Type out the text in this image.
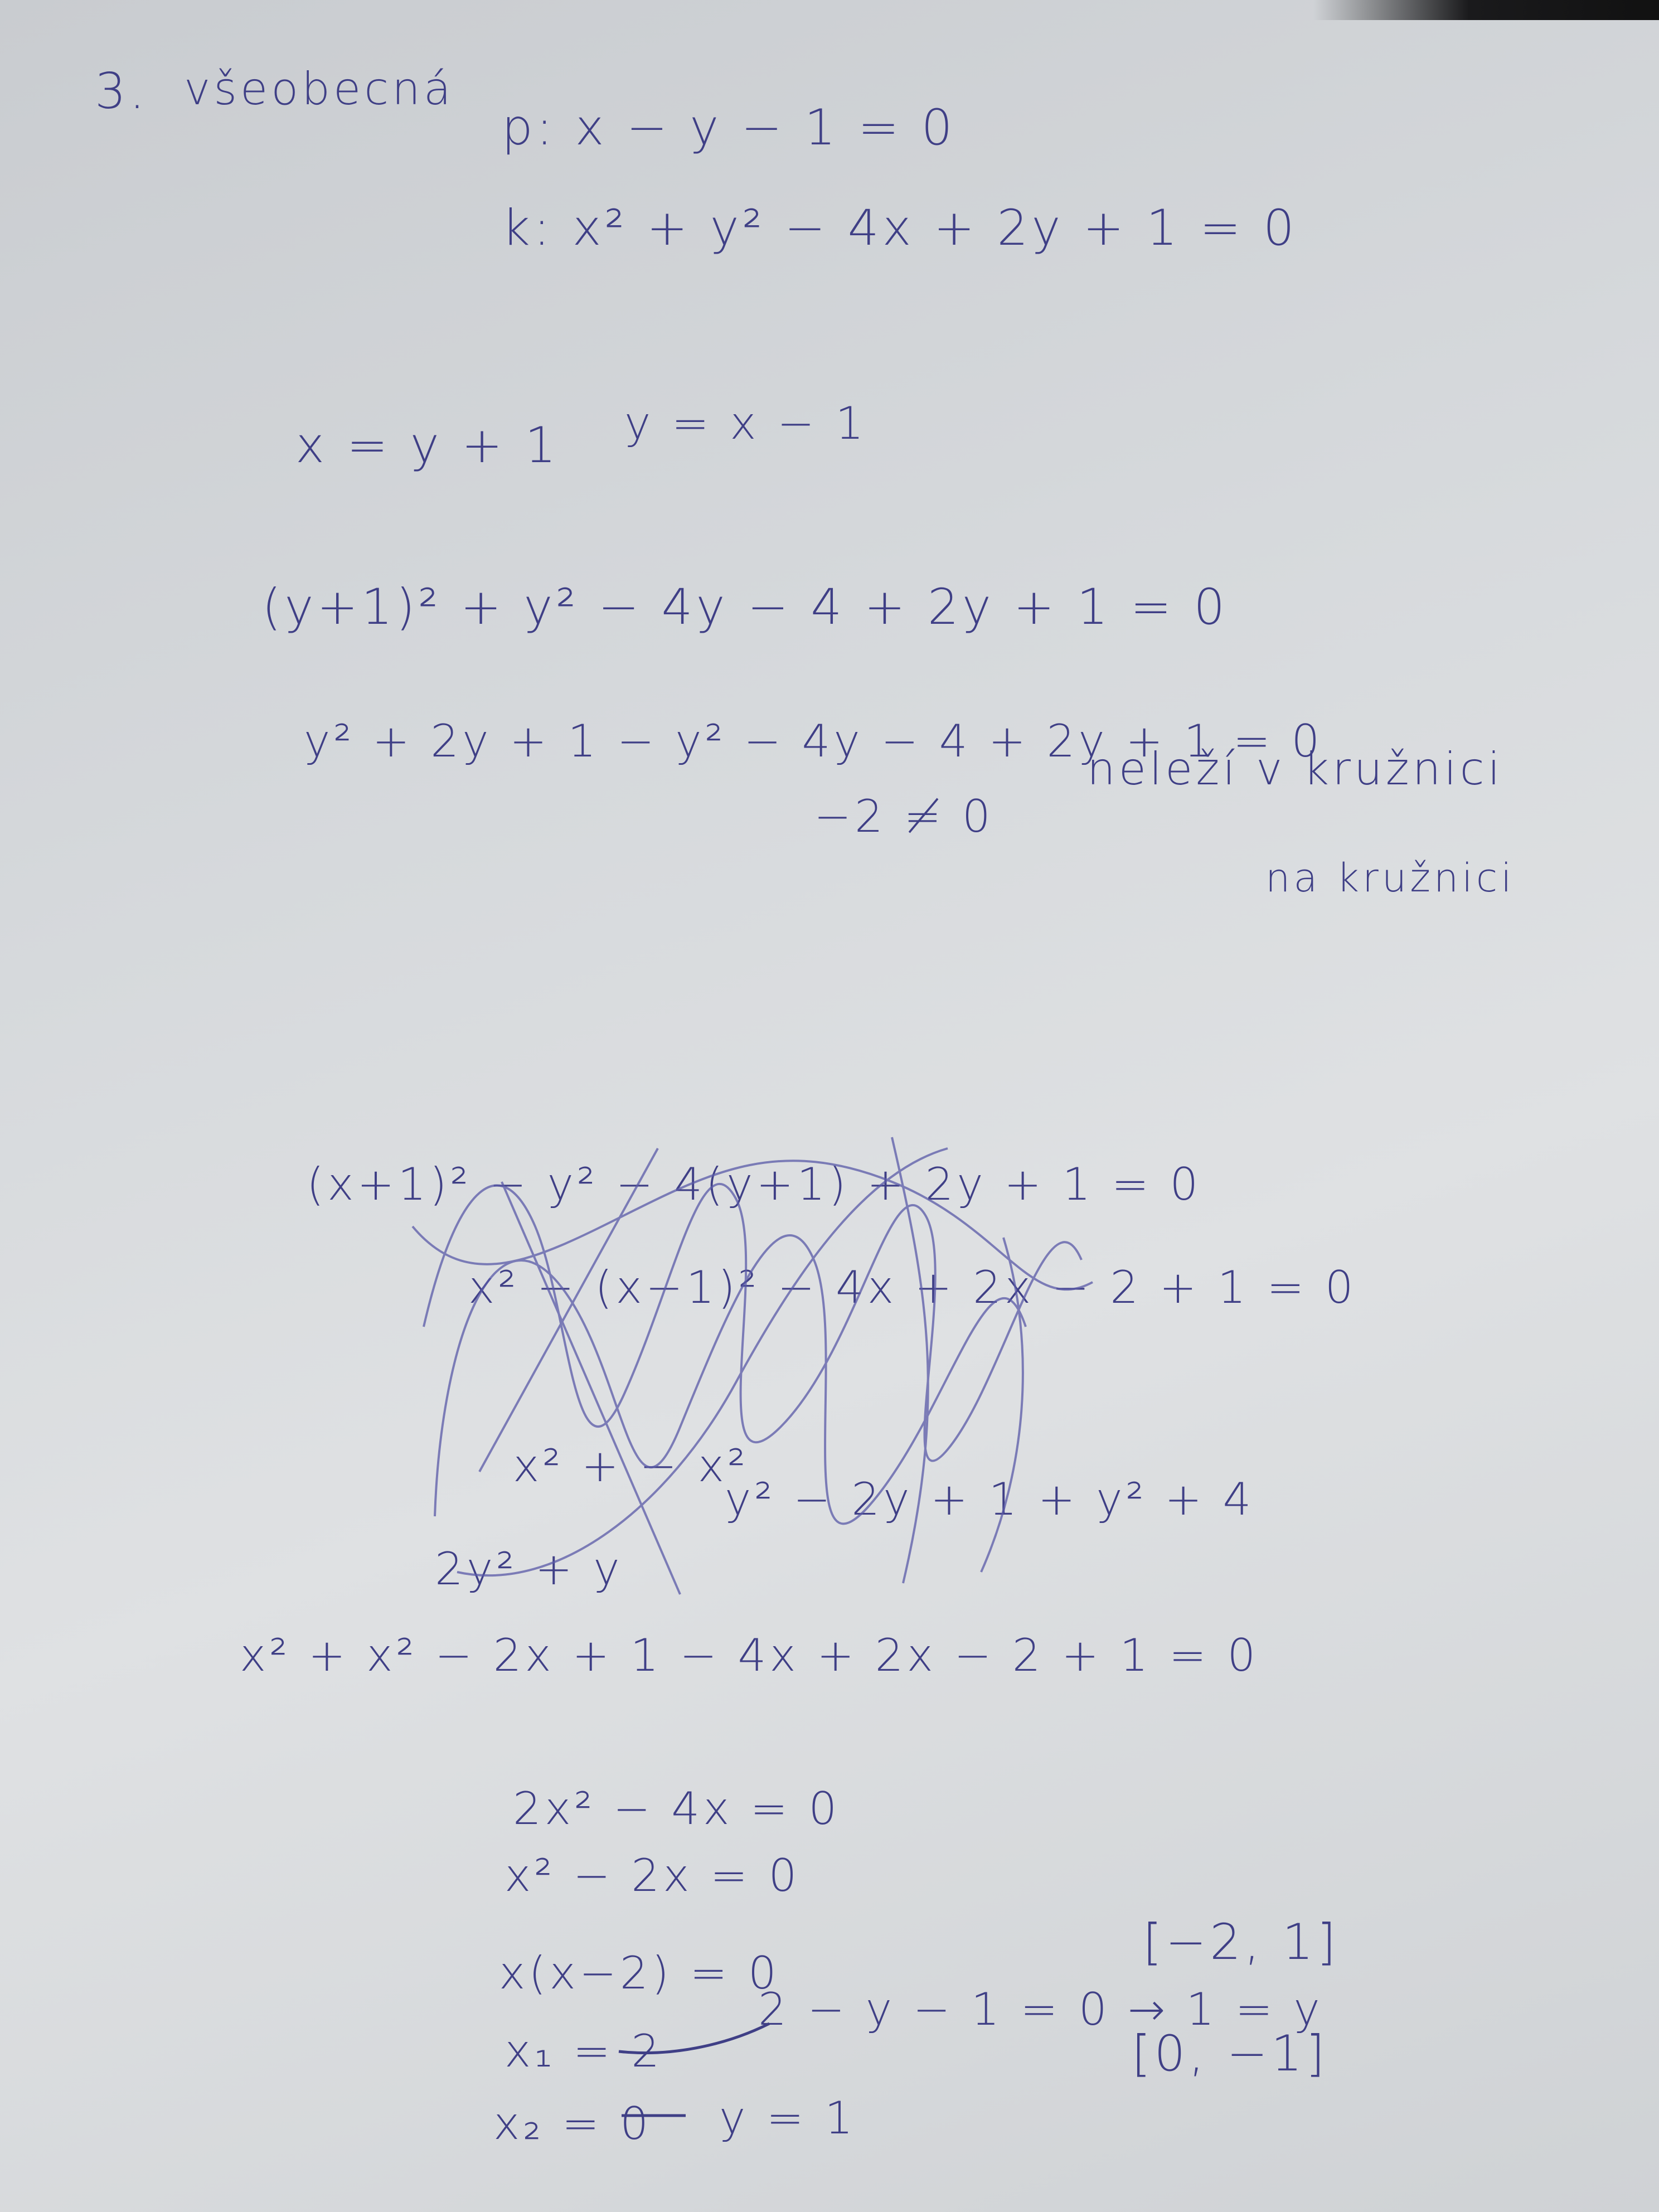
3. všeobecná
p: x − y − 1 = 0
k: x² + y² − 4x + 2y + 1 = 0
x = y + 1 y = x − 1
(y+1)² + y² − 4y − 4 + 2y + 1 = 0
y² + 2y + 1 − y² − 4y − 4 + 2y + 1 = 0
−2 ≠ 0
neleží v kružnici
na kružnici
(x+1)² − y² − 4(y+1) + 2y + 1 = 0
x² − (x−1)² − 4x + 2x − 2 + 1 = 0
x² + − x²
y² − 2y + 1 + y² + 4
2y² + y
x² + x² − 2x + 1 − 4x + 2x − 2 + 1 = 0
2x² − 4x = 0
x² − 2x = 0
x(x−2) = 0
x₁ = 2
x₂ = 0
2 − y − 1 = 0 → 1 = y
y = 1
[−2, 1]
[0, −1]
